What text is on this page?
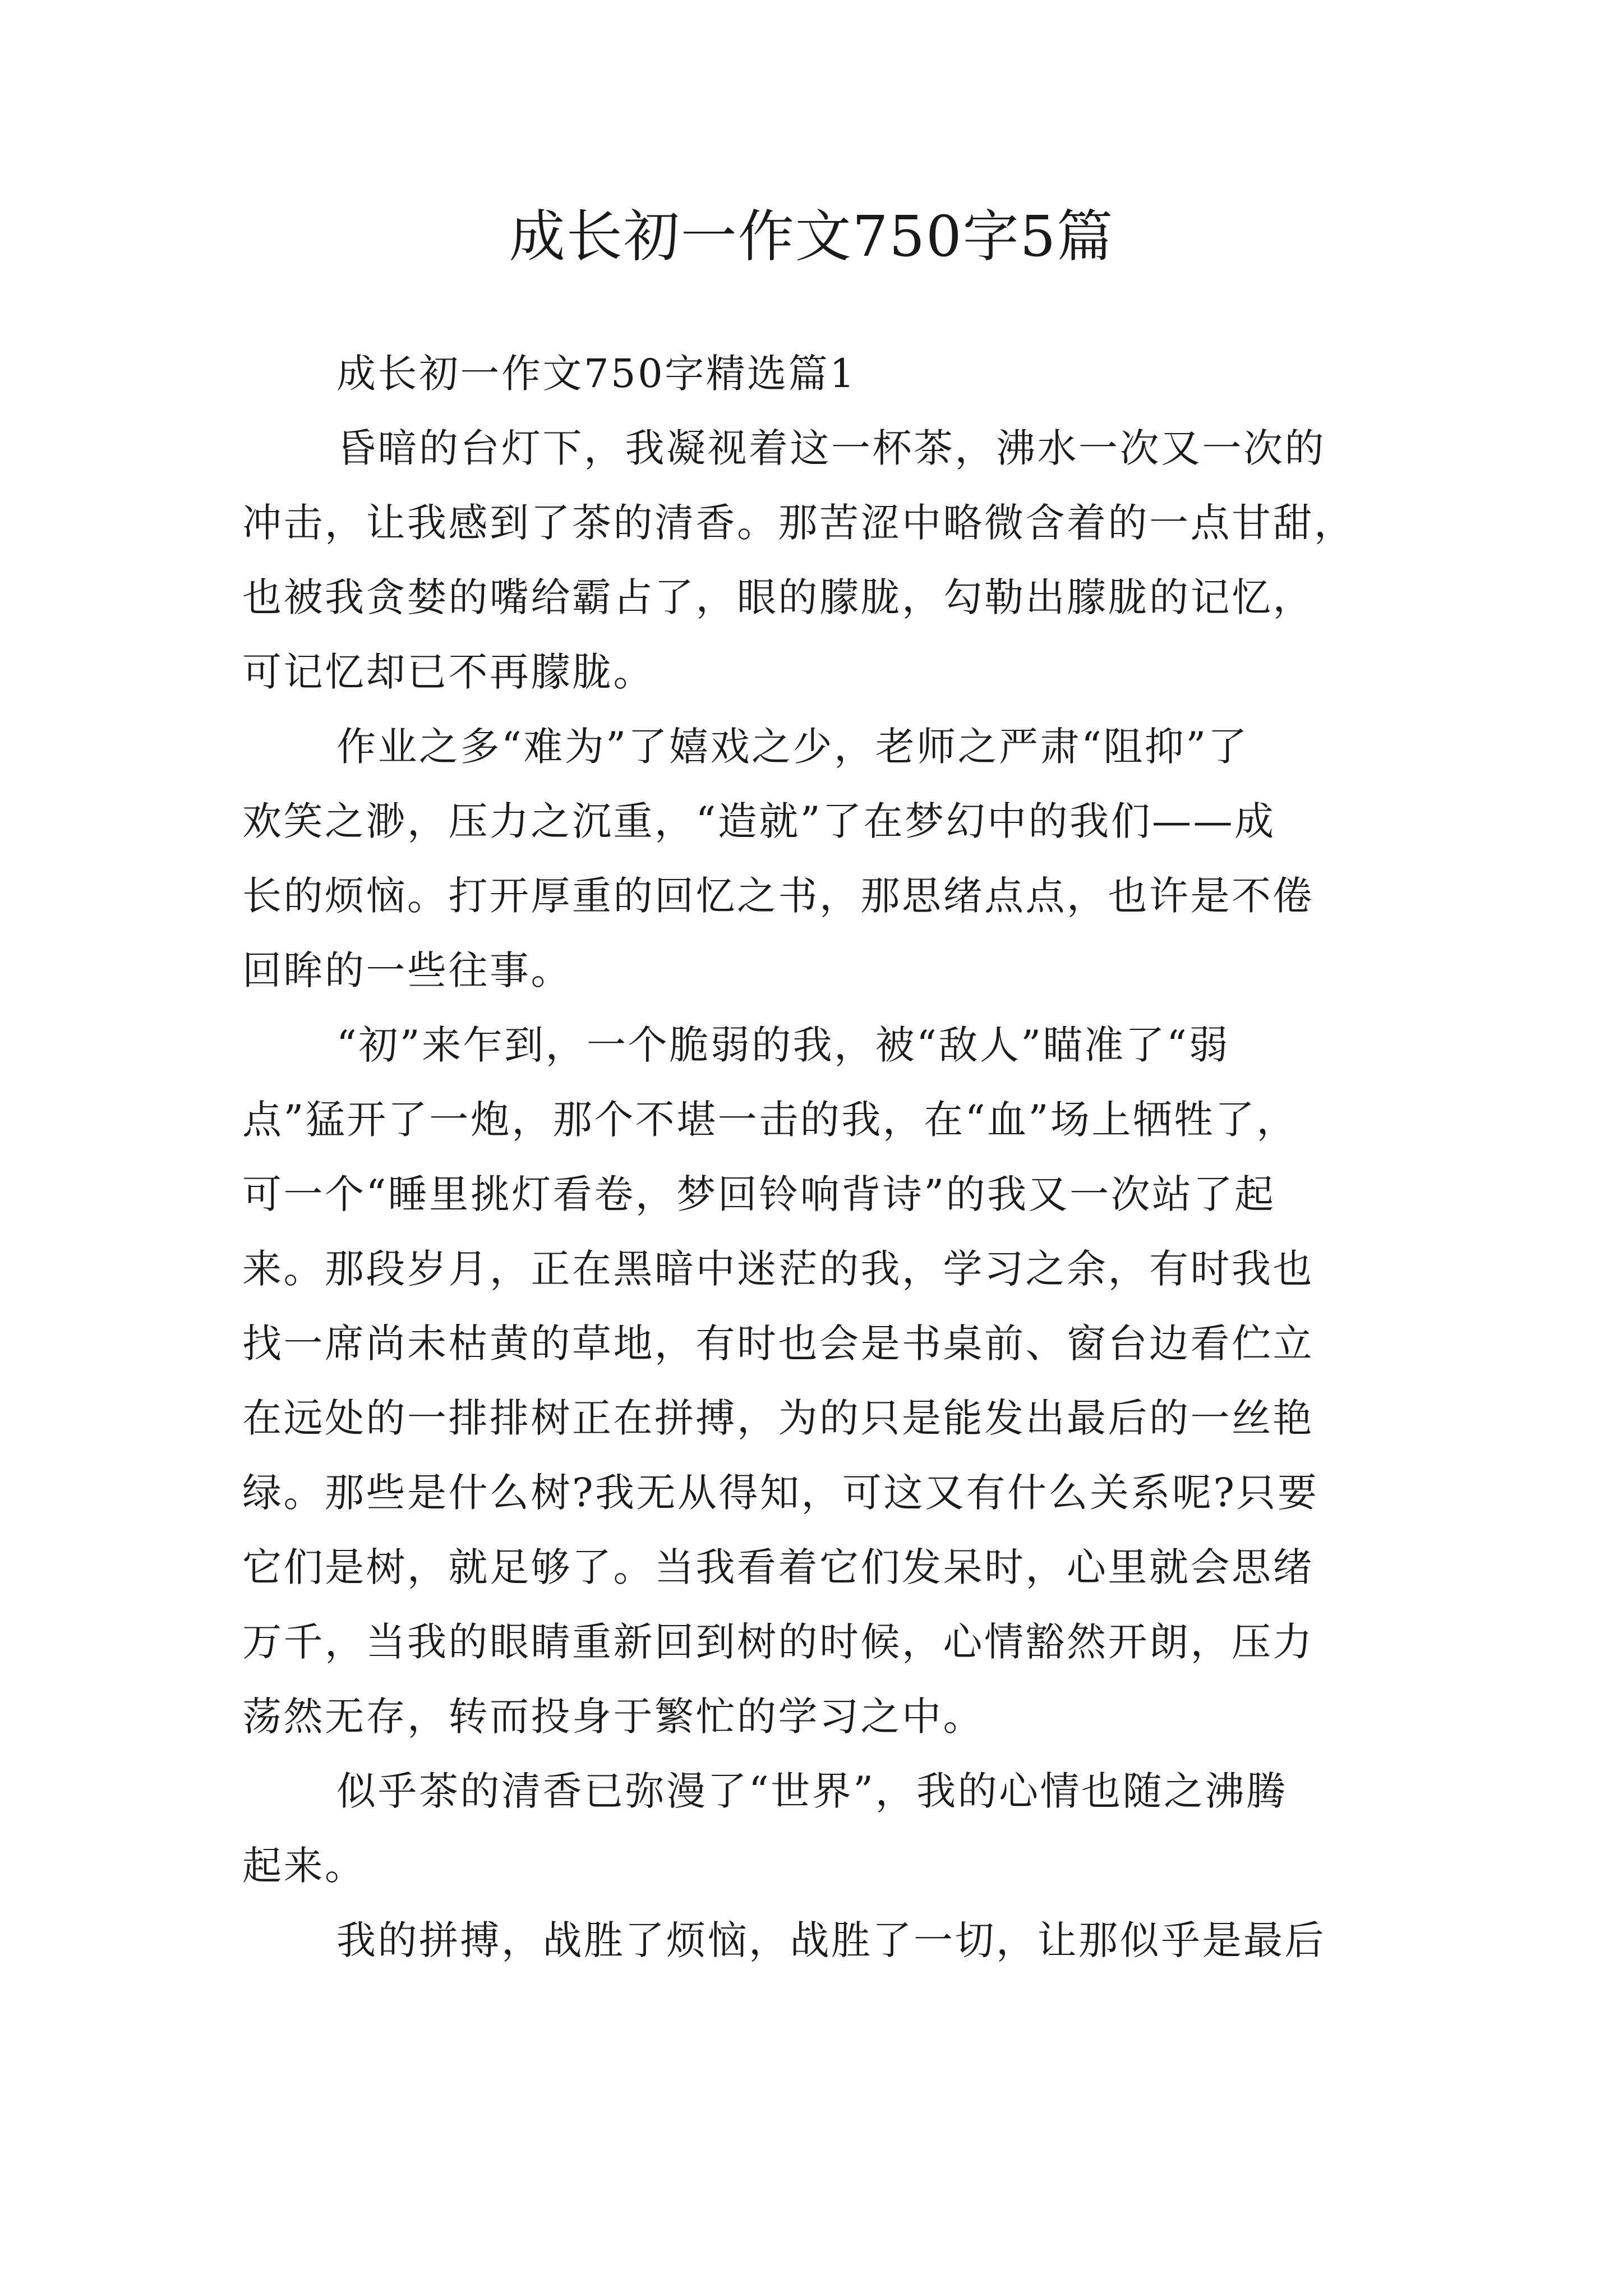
成长初一作文750字5篇
成长初一作文750字精选篇1
昏暗的台灯下，我凝视着这一杯茶，沸水一次又一次的
冲击，让我感到了茶的清香。那苦涩中略微含着的一点甘甜，
也被我贪婪的嘴给霸占了，眼的朦胧，勾勒出朦胧的记忆，
可记忆却已不再朦胧。
作业之多“难为”了嬉戏之少，老师之严肃“阻抑”了
欢笑之渺，压力之沉重，“造就”了在梦幻中的我们——成
长的烦恼。打开厚重的回忆之书，那思绪点点，也许是不倦
回眸的一些往事。
“初”来乍到，一个脆弱的我，被“敌人”瞄准了“弱
点”猛开了一炮，那个不堪一击的我，在“血”场上牺牲了，
可一个“睡里挑灯看卷，梦回铃响背诗”的我又一次站了起
来。那段岁月，正在黑暗中迷茫的我，学习之余，有时我也
找一席尚未枯黄的草地，有时也会是书桌前、窗台边看伫立
在远处的一排排树正在拼搏，为的只是能发出最后的一丝艳
绿。那些是什么树?我无从得知，可这又有什么关系呢?只要
它们是树，就足够了。当我看着它们发呆时，心里就会思绪
万千，当我的眼睛重新回到树的时候，心情豁然开朗，压力
荡然无存，转而投身于繁忙的学习之中。
似乎茶的清香已弥漫了“世界”，我的心情也随之沸腾
起来。
我的拼搏，战胜了烦恼，战胜了一切，让那似乎是最后
